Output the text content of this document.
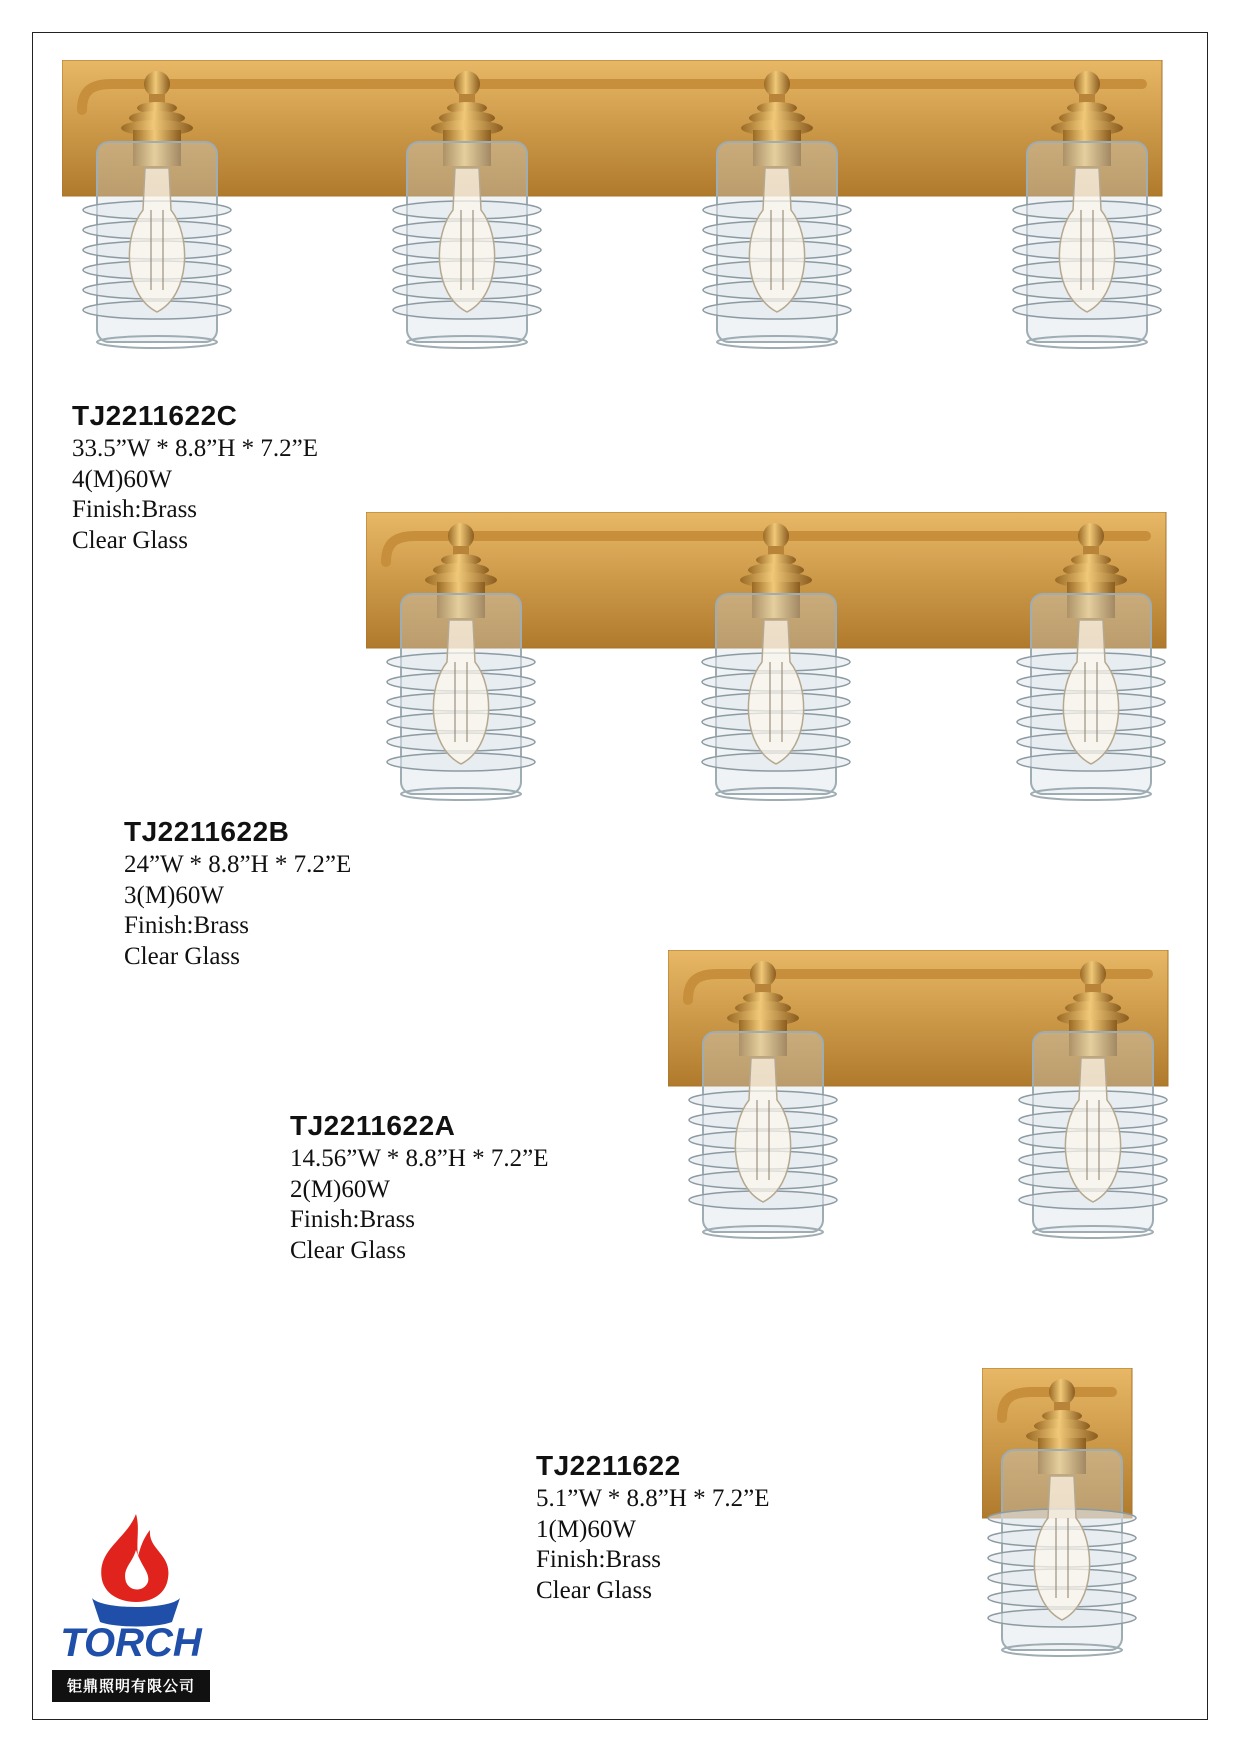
TJ2211622C
33.5”W * 8.8”H * 7.2”E
4(M)60W
Finish:Brass
Clear Glass
TJ2211622B
24”W * 8.8”H * 7.2”E
3(M)60W
Finish:Brass
Clear Glass
TJ2211622A
14.56”W * 8.8”H * 7.2”E
2(M)60W
Finish:Brass
Clear Glass
TJ2211622
5.1”W * 8.8”H * 7.2”E
1(M)60W
Finish:Brass
Clear Glass
TORCH
钜鼎照明有限公司
